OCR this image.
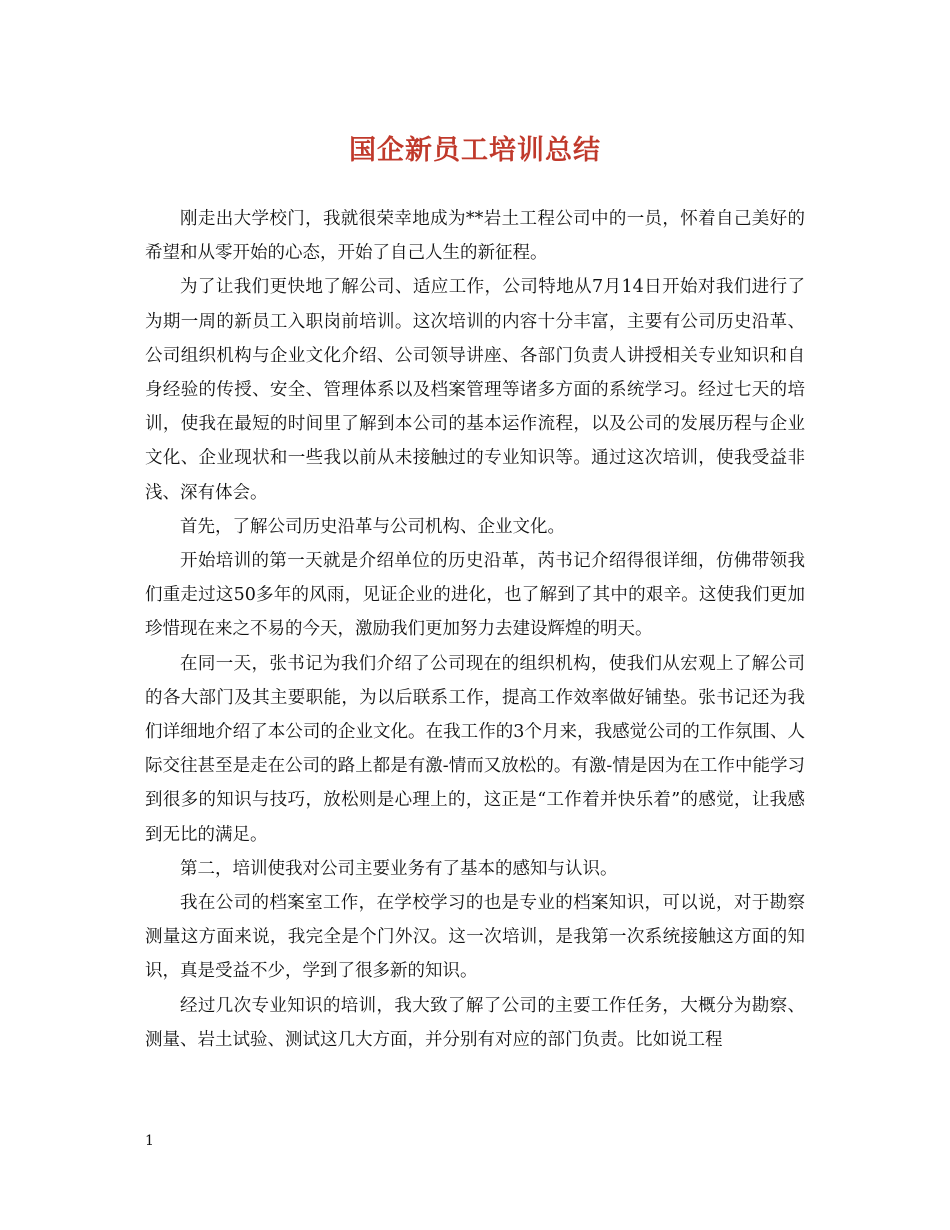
国企新员工培训总结

刚走出大学校门，我就很荣幸地成为**岩土工程公司中的一员，怀着自己美好的希望和从零开始的心态，开始了自己人生的新征程。

为了让我们更快地了解公司、适应工作，公司特地从7月14日开始对我们进行了为期一周的新员工入职岗前培训。这次培训的内容十分丰富，主要有公司历史沿革、公司组织机构与企业文化介绍、公司领导讲座、各部门负责人讲授相关专业知识和自身经验的传授、安全、管理体系以及档案管理等诸多方面的系统学习。经过七天的培训，使我在最短的时间里了解到本公司的基本运作流程，以及公司的发展历程与企业文化、企业现状和一些我以前从未接触过的专业知识等。通过这次培训，使我受益非浅、深有体会。

首先，了解公司历史沿革与公司机构、企业文化。

开始培训的第一天就是介绍单位的历史沿革，芮书记介绍得很详细，仿佛带领我们重走过这50多年的风雨，见证企业的进化，也了解到了其中的艰辛。这使我们更加珍惜现在来之不易的今天，激励我们更加努力去建设辉煌的明天。

在同一天，张书记为我们介绍了公司现在的组织机构，使我们从宏观上了解公司的各大部门及其主要职能，为以后联系工作，提高工作效率做好铺垫。张书记还为我们详细地介绍了本公司的企业文化。在我工作的3个月来，我感觉公司的工作氛围、人际交往甚至是走在公司的路上都是有激-情而又放松的。有激-情是因为在工作中能学习到很多的知识与技巧，放松则是心理上的，这正是“工作着并快乐着”的感觉，让我感到无比的满足。

第二，培训使我对公司主要业务有了基本的感知与认识。

我在公司的档案室工作，在学校学习的也是专业的档案知识，可以说，对于勘察测量这方面来说，我完全是个门外汉。这一次培训，是我第一次系统接触这方面的知识，真是受益不少，学到了很多新的知识。

经过几次专业知识的培训，我大致了解了公司的主要工作任务，大概分为勘察、测量、岩土试验、测试这几大方面，并分别有对应的部门负责。比如说工程

1
